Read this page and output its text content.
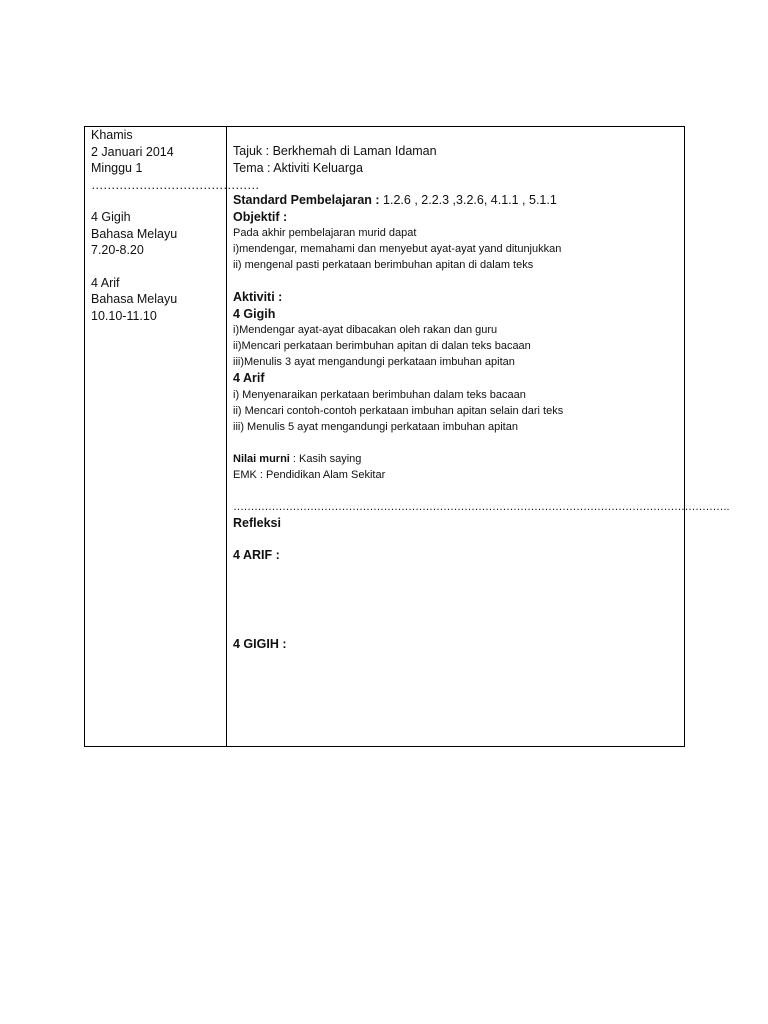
Khamis
2 Januari 2014
Minggu 1
……………………………………
4 Gigih
Bahasa Melayu
7.20-8.20
4 Arif
Bahasa Melayu
10.10-11.10
Tajuk : Berkhemah di Laman Idaman
Tema : Aktiviti Keluarga
Standard Pembelajaran : 1.2.6 , 2.2.3 ,3.2.6, 4.1.1 , 5.1.1
Objektif :
Pada akhir pembelajaran murid dapat
i)mendengar, memahami dan menyebut ayat-ayat yand ditunjukkan
ii) mengenal pasti perkataan berimbuhan apitan di dalam teks
Aktiviti :
4 Gigih
i)Mendengar ayat-ayat dibacakan oleh rakan dan guru
ii)Mencari perkataan berimbuhan apitan di dalan teks bacaan
iii)Menulis 3 ayat mengandungi perkataan imbuhan apitan
4 Arif
i) Menyenaraikan perkataan berimbuhan dalam teks bacaan
ii) Mencari contoh-contoh perkataan imbuhan apitan selain dari teks
iii) Menulis 5 ayat mengandungi perkataan imbuhan apitan
Nilai murni : Kasih saying
EMK : Pendidikan Alam Sekitar
…………………………………………………………………………………………………………………………….
Refleksi
4 ARIF :
4 GIGIH :
